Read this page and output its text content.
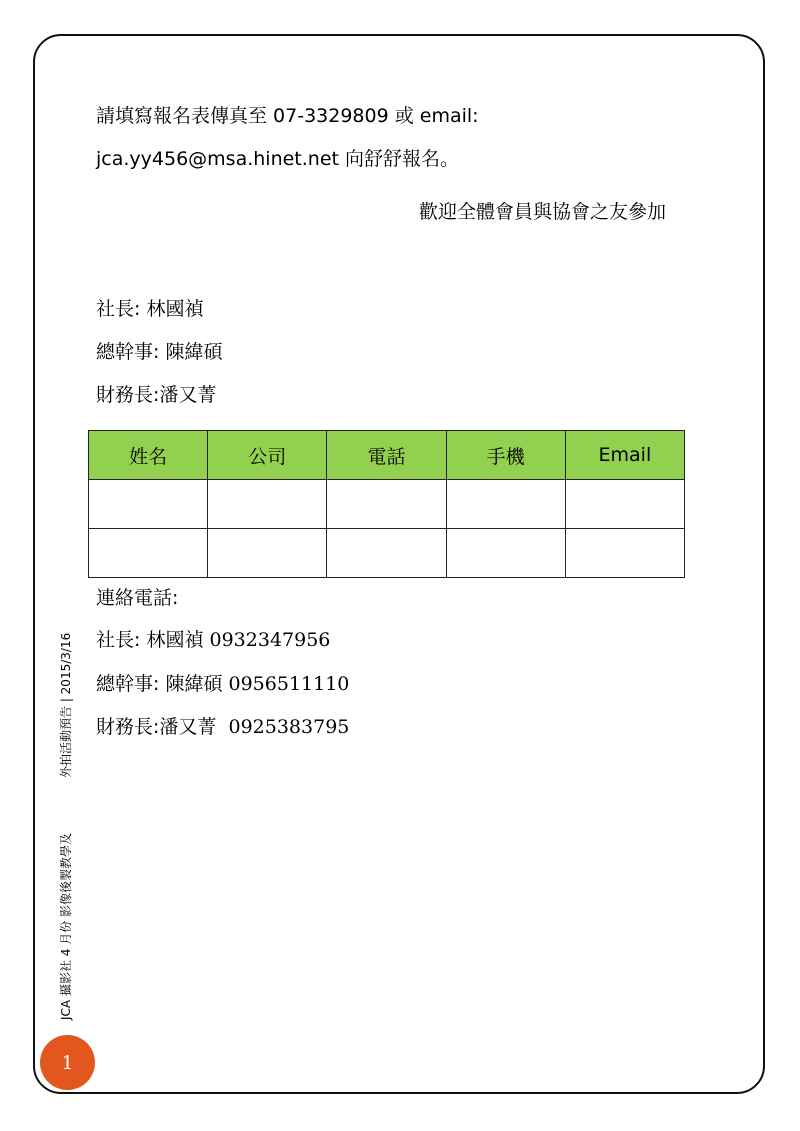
請填寫報名表傳真至 07-3329809 或 email:
jca.yy456@msa.hinet.net 向舒舒報名。
歡迎全體會員與協會之友參加
社長: 林國禎
總幹事: 陳緯碩
財務長:潘又菁
姓名	公司	電話	手機	Email

連絡電話:
社長: 林國禎 0932347956
總幹事: 陳緯碩 0956511110
財務長:潘又菁  0925383795
外拍活動預告 | 2015/3/16
JCA 攝影社 4 月份 影像後製教學及
1
